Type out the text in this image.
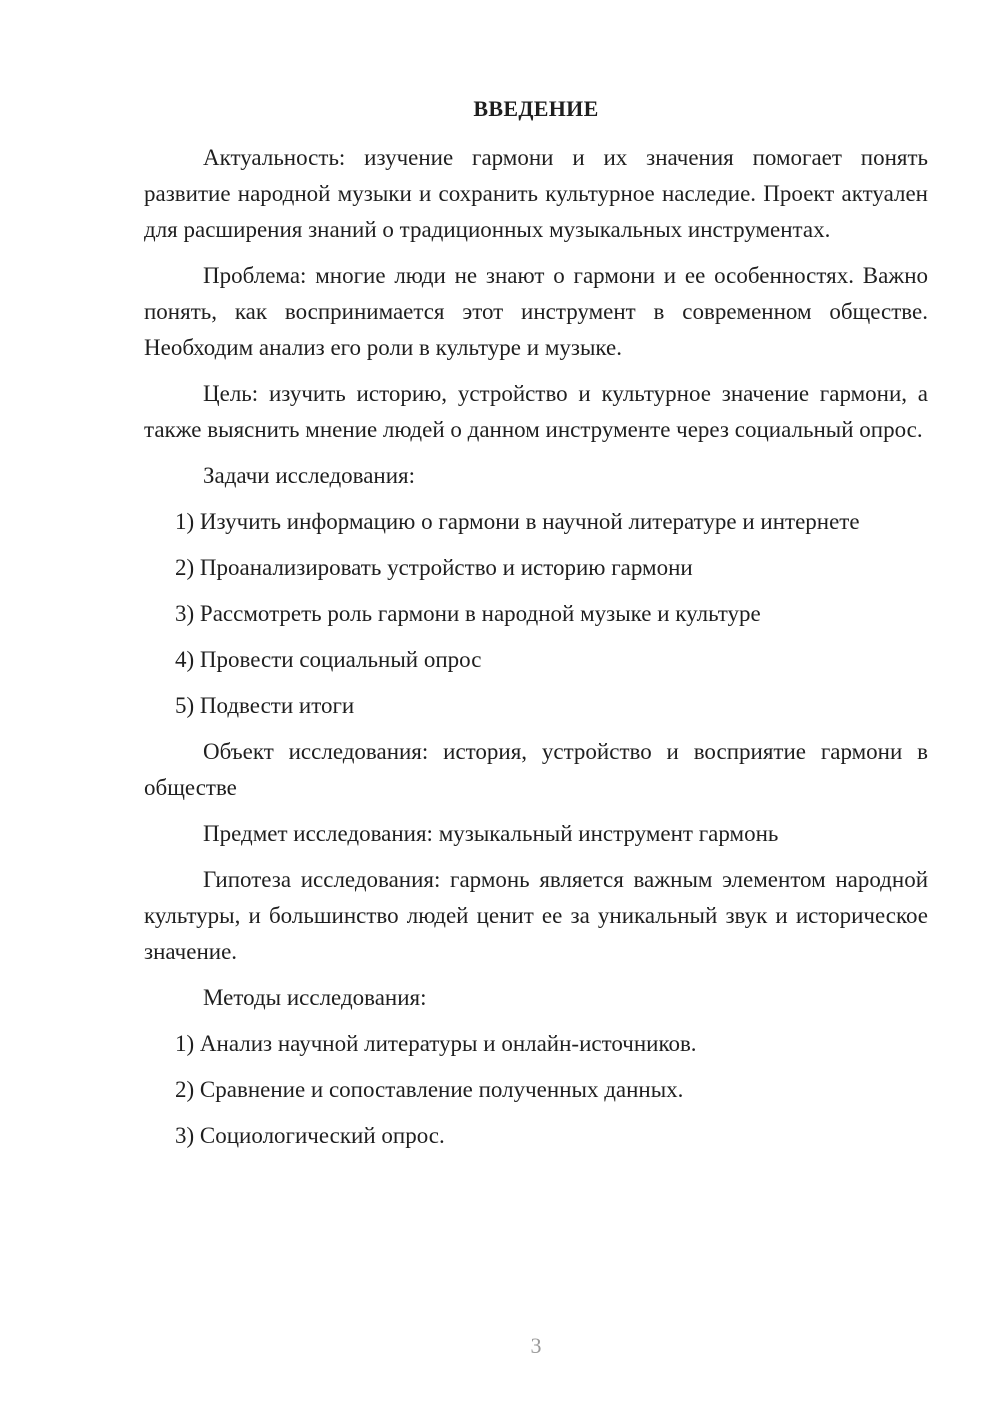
ВВЕДЕНИЕ

Актуальность: изучение гармони и их значения помогает понять развитие народной музыки и сохранить культурное наследие. Проект актуален для расширения знаний о традиционных музыкальных инструментах.

Проблема: многие люди не знают о гармони и ее особенностях. Важно понять, как воспринимается этот инструмент в современном обществе. Необходим анализ его роли в культуре и музыке.

Цель: изучить историю, устройство и культурное значение гармони, а также выяснить мнение людей о данном инструменте через социальный опрос.

Задачи исследования:

1) Изучить информацию о гармони в научной литературе и интернете

2) Проанализировать устройство и историю гармони

3) Рассмотреть роль гармони в народной музыке и культуре

4) Провести социальный опрос

5) Подвести итоги

Объект исследования: история, устройство и восприятие гармони в обществе

Предмет исследования: музыкальный инструмент гармонь

Гипотеза исследования: гармонь является важным элементом народной культуры, и большинство людей ценит ее за уникальный звук и историческое значение.

Методы исследования:

1) Анализ научной литературы и онлайн-источников.

2) Сравнение и сопоставление полученных данных.

3) Социологический опрос.

3
